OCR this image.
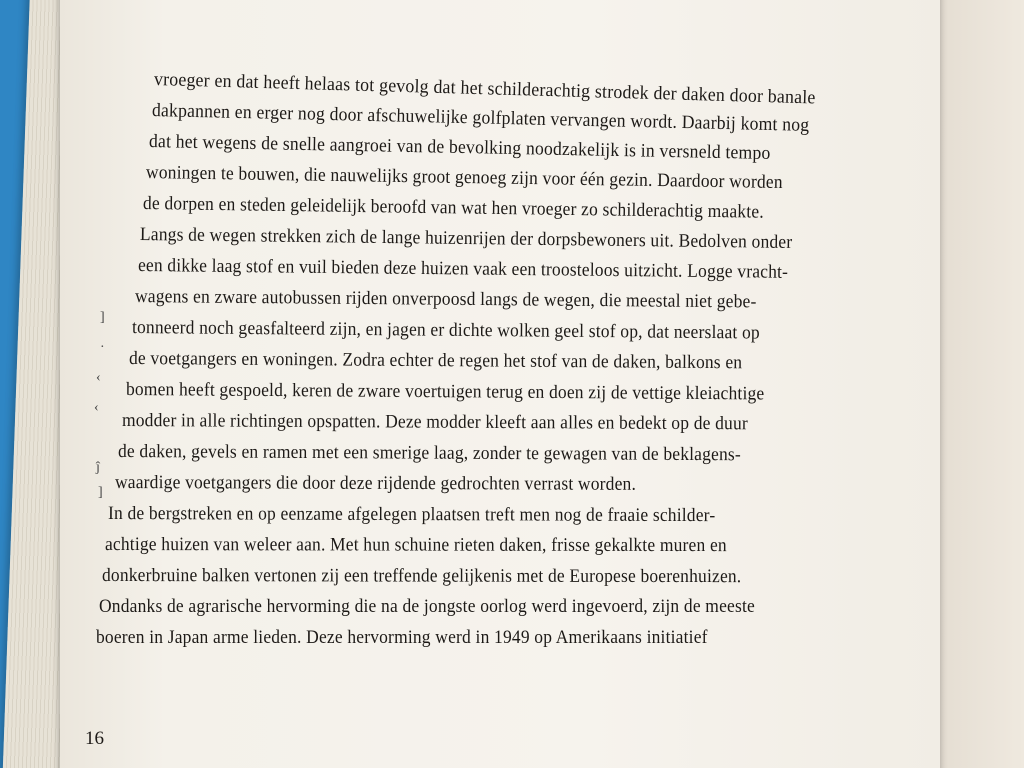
]
·
‹
‹
ĵ
]
vroeger en dat heeft helaas tot gevolg dat het schilderachtig strodek der daken door banale
dakpannen en erger nog door afschuwelijke golfplaten vervangen wordt. Daarbij komt nog
dat het wegens de snelle aangroei van de bevolking noodzakelijk is in versneld tempo
woningen te bouwen, die nauwelijks groot genoeg zijn voor één gezin. Daardoor worden
de dorpen en steden geleidelijk beroofd van wat hen vroeger zo schilderachtig maakte.
Langs de wegen strekken zich de lange huizenrijen der dorpsbewoners uit. Bedolven onder
een dikke laag stof en vuil bieden deze huizen vaak een troosteloos uitzicht. Logge vracht-
wagens en zware autobussen rijden onverpoosd langs de wegen, die meestal niet gebe-
tonneerd noch geasfalteerd zijn, en jagen er dichte wolken geel stof op, dat neerslaat op
de voetgangers en woningen. Zodra echter de regen het stof van de daken, balkons en
bomen heeft gespoeld, keren de zware voertuigen terug en doen zij de vettige kleiachtige
modder in alle richtingen opspatten. Deze modder kleeft aan alles en bedekt op de duur
de daken, gevels en ramen met een smerige laag, zonder te gewagen van de beklagens-
waardige voetgangers die door deze rijdende gedrochten verrast worden.
In de bergstreken en op eenzame afgelegen plaatsen treft men nog de fraaie schilder-
achtige huizen van weleer aan. Met hun schuine rieten daken, frisse gekalkte muren en
donkerbruine balken vertonen zij een treffende gelijkenis met de Europese boerenhuizen.
Ondanks de agrarische hervorming die na de jongste oorlog werd ingevoerd, zijn de meeste
boeren in Japan arme lieden. Deze hervorming werd in 1949 op Amerikaans initiatief
16
